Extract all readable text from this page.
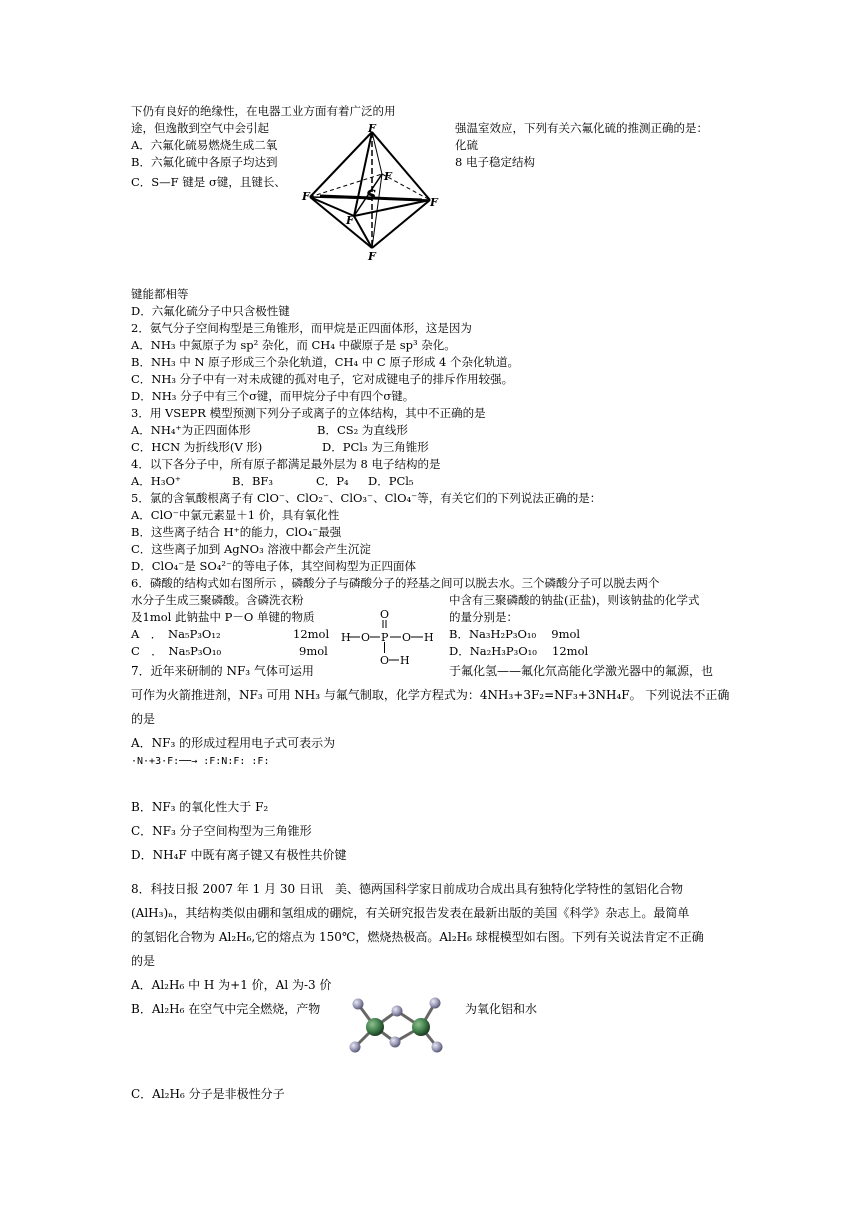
下仍有良好的绝缘性，在电器工业方面有着广泛的用
途，但逸散到空气中会引起	强温室效应，下列有关六氟化硫的推测正确的是：
A．六氟化硫易燃烧生成二氧	化硫
B．六氟化硫中各原子均达到	8 电子稳定结构
C．S—F 键是 σ键，且键长、
F
F
F	F
S
F
F
键能都相等
D．六氟化硫分子中只含极性键
2．氨气分子空间构型是三角锥形，而甲烷是正四面体形，这是因为
A．NH₃ 中氮原子为 sp² 杂化，而 CH₄ 中碳原子是 sp³ 杂化。
B．NH₃ 中 N 原子形成三个杂化轨道，CH₄ 中 C 原子形成 4 个杂化轨道。
C．NH₃ 分子中有一对未成键的孤对电子，它对成键电子的排斥作用较强。
D．NH₃ 分子中有三个σ键，而甲烷分子中有四个σ键。
3．用 VSEPR 模型预测下列分子或离子的立体结构，其中不正确的是
A．NH₄⁺为正四面体形	B．CS₂ 为直线形
C．HCN 为折线形(V 形)	D．PCl₃ 为三角锥形
4．以下各分子中，所有原子都满足最外层为 8 电子结构的是
A．H₃O⁺	B．BF₃	C．P₄ D．PCl₅
5．氯的含氧酸根离子有 ClO⁻、ClO₂⁻、ClO₃⁻、ClO₄⁻等，有关它们的下列说法正确的是：
A．ClO⁻中氯元素显＋1 价，具有氧化性
B．这些离子结合 H⁺的能力，ClO₄⁻最强
C．这些离子加到 AgNO₃ 溶液中都会产生沉淀
D．ClO₄⁻是 SO₄²⁻的等电子体，其空间构型为正四面体
6．磷酸的结构式如右图所示 ，磷酸分子与磷酸分子的羟基之间可以脱去水。三个磷酸分子可以脱去两个
水分子生成三聚磷酸。含磷洗衣粉	中含有三聚磷酸的钠盐(正盐)，则该钠盐的化学式
及1mol 此钠盐中 P－O 单键的物质	的量分别是：
A　．　Na₅P₃O₁₂	12mol	B．Na₃H₂P₃O₁₀　 9mol
C　．　Na₅P₃O₁₀	9mol	D．Na₂H₃P₃O₁₀　 12mol
O
H O P O H
O H
7．近年来研制的 NF₃ 气体可运用	于氟化氢——氟化氘高能化学激光器中的氟源，也
可作为火箭推进剂，NF₃ 可用 NH₃ 与氟气制取，化学方程式为：4NH₃+3F₂=NF₃+3NH₄F。 下列说法不正确
的是
A．NF₃ 的形成过程用电子式可表示为
·N·+3·F:──→ :F:N:F: :F:
B．NF₃ 的氧化性大于 F₂
C．NF₃ 分子空间构型为三角锥形
D．NH₄F 中既有离子键又有极性共价键
8．科技日报 2007 年 1 月 30 日讯　美、德两国科学家日前成功合成出具有独特化学特性的氢铝化合物
(AlH₃)ₙ，其结构类似由硼和氢组成的硼烷，有关研究报告发表在最新出版的美国《科学》杂志上。最简单
的氢铝化合物为 Al₂H₆,它的熔点为 150℃，燃烧热极高。Al₂H₆ 球棍模型如右图。下列有关说法肯定不正确
的是
A．Al₂H₆ 中 H 为+1 价，Al 为-3 价
B．Al₂H₆ 在空气中完全燃烧，产物	为氧化铝和水
C．Al₂H₆ 分子是非极性分子
